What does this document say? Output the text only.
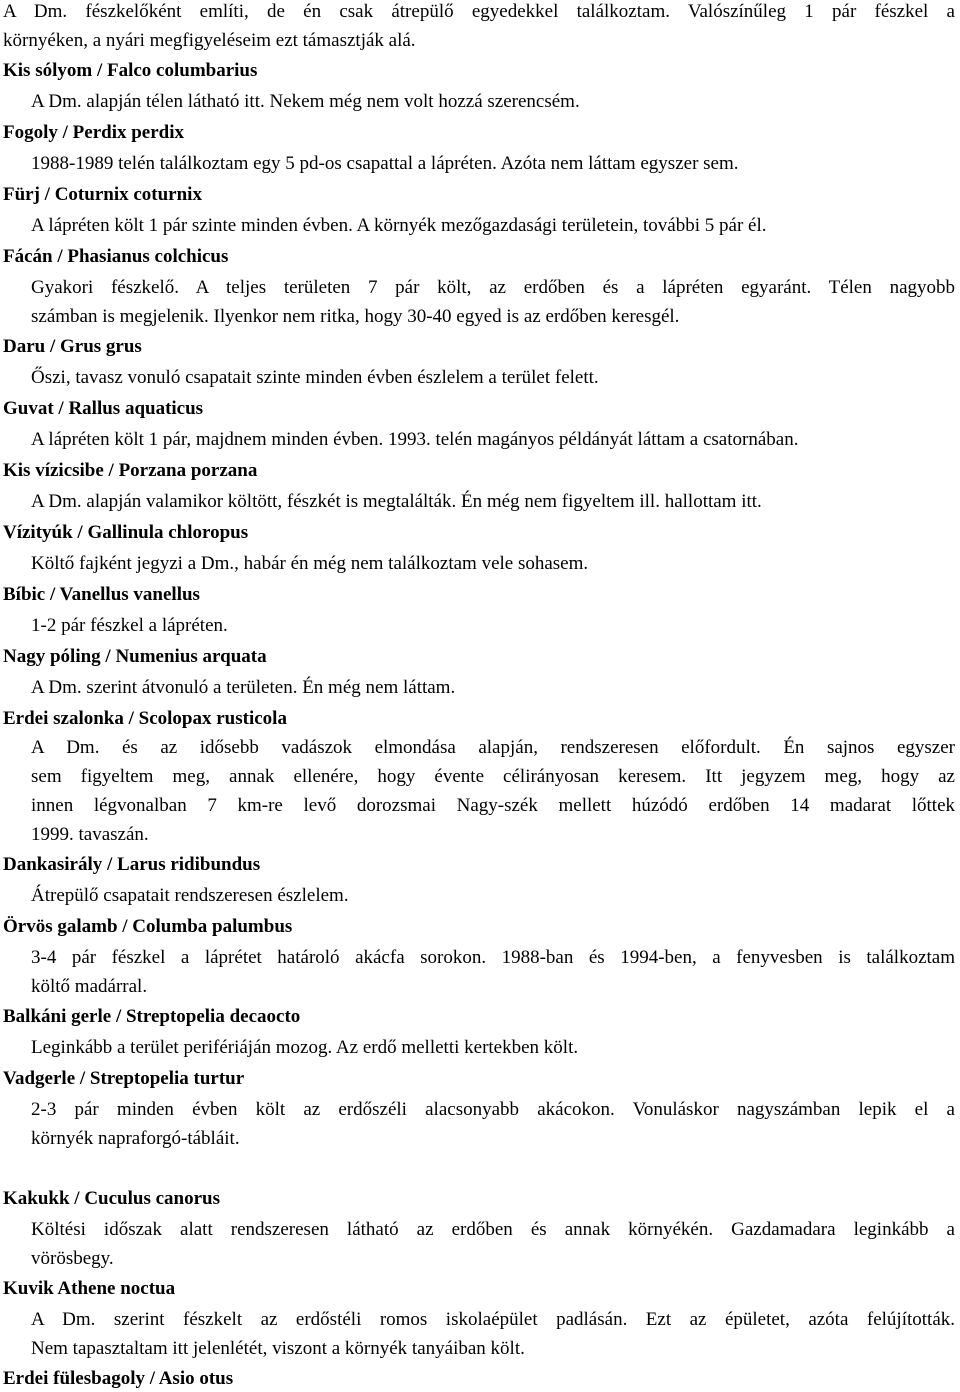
A Dm. fészkelőként említi, de én csak átrepülő egyedekkel találkoztam. Valószínűleg 1 pár fészkel a
környéken, a nyári megfigyeléseim ezt támasztják alá.
Kis sólyom / Falco columbarius
A Dm. alapján télen látható itt. Nekem még nem volt hozzá szerencsém.
Fogoly / Perdix perdix
1988-1989 telén találkoztam egy 5 pd-os csapattal a lápréten. Azóta nem láttam egyszer sem.
Fürj / Coturnix coturnix
A lápréten költ 1 pár szinte minden évben. A környék mezőgazdasági területein, további 5 pár él.
Fácán / Phasianus colchicus
Gyakori fészkelő. A teljes területen 7 pár költ, az erdőben és a lápréten egyaránt. Télen nagyobb
számban is megjelenik. Ilyenkor nem ritka, hogy 30-40 egyed is az erdőben keresgél.
Daru / Grus grus
Őszi, tavasz vonuló csapatait szinte minden évben észlelem a terület felett.
Guvat / Rallus aquaticus
A lápréten költ 1 pár, majdnem minden évben. 1993. telén magányos példányát láttam a csatornában.
Kis vízicsibe / Porzana porzana
A Dm. alapján valamikor költött, fészkét is megtalálták. Én még nem figyeltem ill. hallottam itt.
Vízityúk / Gallinula chloropus
Költő fajként jegyzi a Dm., habár én még nem találkoztam vele sohasem.
Bíbic / Vanellus vanellus
1-2 pár fészkel a lápréten.
Nagy póling / Numenius arquata
A Dm. szerint átvonuló a területen. Én még nem láttam.
Erdei szalonka / Scolopax rusticola
A Dm. és az idősebb vadászok elmondása alapján, rendszeresen előfordult. Én sajnos egyszer
sem figyeltem meg, annak ellenére, hogy évente célirányosan keresem. Itt jegyzem meg, hogy az
innen légvonalban 7 km-re levő dorozsmai Nagy-szék mellett húzódó erdőben 14 madarat lőttek
1999. tavaszán.
Dankasirály / Larus ridibundus
Átrepülő csapatait rendszeresen észlelem.
Örvös galamb / Columba palumbus
3-4 pár fészkel a láprétet határoló akácfa sorokon. 1988-ban és 1994-ben, a fenyvesben is találkoztam
költő madárral.
Balkáni gerle / Streptopelia decaocto
Leginkább a terület perifériáján mozog. Az erdő melletti kertekben költ.
Vadgerle / Streptopelia turtur
2-3 pár minden évben költ az erdőszéli alacsonyabb akácokon. Vonuláskor nagyszámban lepik el a
környék napraforgó-tábláit.
Kakukk / Cuculus canorus
Költési időszak alatt rendszeresen látható az erdőben és annak környékén. Gazdamadara leginkább a
vörösbegy.
Kuvik Athene noctua
A Dm. szerint fészkelt az erdőstéli romos iskolaépület padlásán. Ezt az épületet, azóta felújították.
Nem tapasztaltam itt jelenlétét, viszont a környék tanyáiban költ.
Erdei fülesbagoly / Asio otus
